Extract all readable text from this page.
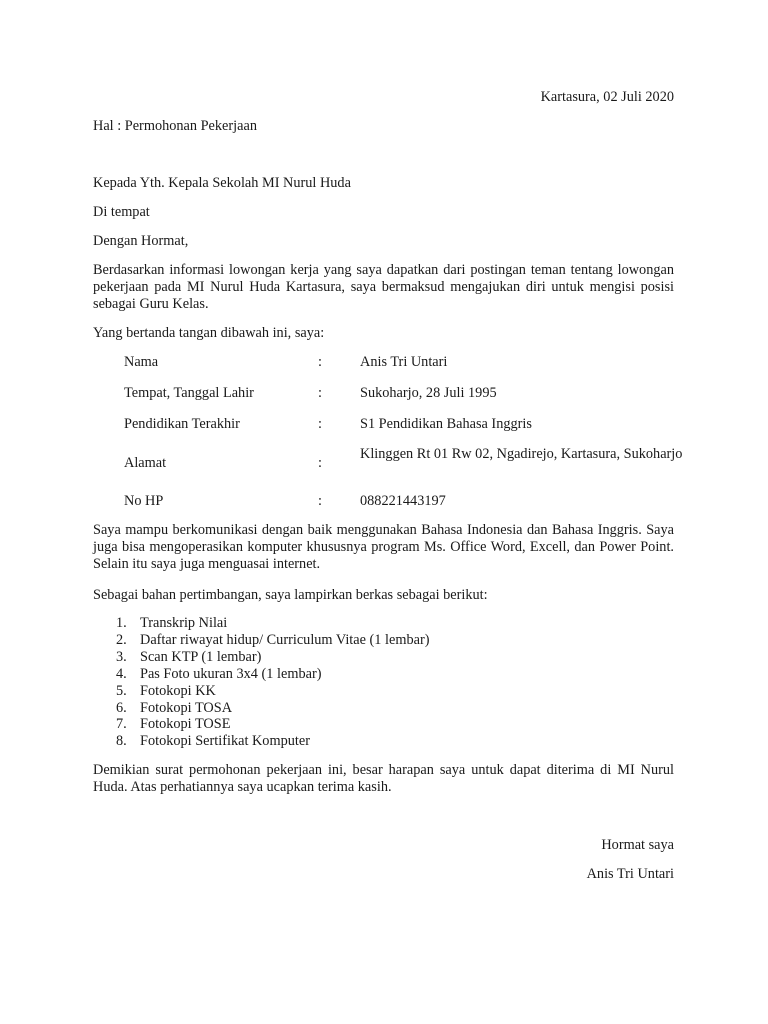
Kartasura, 02 Juli 2020

Hal : Permohonan Pekerjaan

Kepada Yth. Kepala Sekolah MI Nurul Huda

Di tempat

Dengan Hormat,

Berdasarkan informasi lowongan kerja yang saya dapatkan dari postingan teman tentang lowongan pekerjaan pada MI Nurul Huda Kartasura, saya bermaksud mengajukan diri untuk mengisi posisi sebagai Guru Kelas.

Yang bertanda tangan dibawah ini, saya:

Nama	:	Anis Tri Untari
Tempat, Tanggal Lahir	:	Sukoharjo, 28 Juli 1995
Pendidikan Terakhir	:	S1 Pendidikan Bahasa Inggris
Alamat	:
Klinggen Rt 01 Rw 02, Ngadirejo, Kartasura, Sukoharjo
No HP	:	088221443197

Saya mampu berkomunikasi dengan baik menggunakan Bahasa Indonesia dan Bahasa Inggris. Saya juga bisa mengoperasikan komputer khususnya program Ms. Office Word, Excell, dan Power Point. Selain itu saya juga menguasai internet.

Sebagai bahan pertimbangan, saya lampirkan berkas sebagai berikut:

1. Transkrip Nilai
2. Daftar riwayat hidup/ Curriculum Vitae (1 lembar)
3. Scan KTP (1 lembar)
4. Pas Foto ukuran 3x4 (1 lembar)
5. Fotokopi KK
6. Fotokopi TOSA
7. Fotokopi TOSE
8. Fotokopi Sertifikat Komputer

Demikian surat permohonan pekerjaan ini, besar harapan saya untuk dapat diterima di MI Nurul Huda. Atas perhatiannya saya ucapkan terima kasih.

Hormat saya

Anis Tri Untari
